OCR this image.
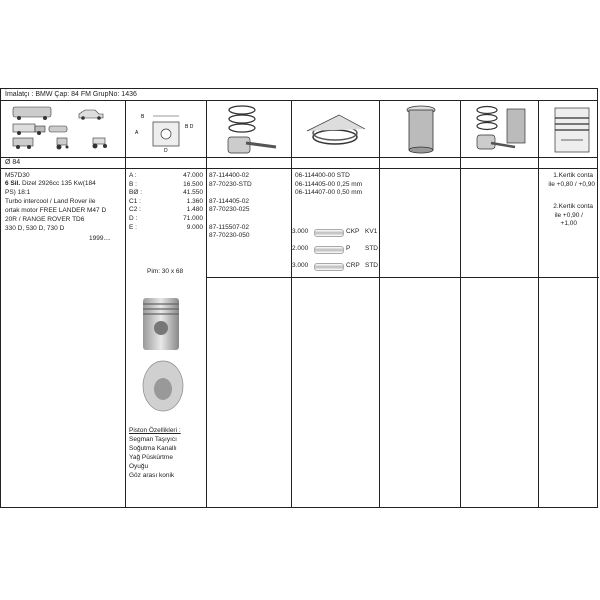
İmalatçı : BMW Çap: 84 FM GrupNo: 1436
B
B D
A
D
Ø 84
M57D30
6 Sil. Dizel 2926cc 135 Kw(184
PS) 18:1
Turbo intercool / Land Rover ile
ortak motor FREE LANDER M47 D
20R / RANGE ROVER TD6
330 D, 530 D, 730 D
1999....
A :	47.000
B :	16.500
BØ :	41.550
C1 :	1.360
C2 :	1.480
D :	71.000
E :	9.000
Pim: 30 x 68
Piston Özellikleri :
Segman Taşıyıcı
Soğutma Kanallı
Yağ Püskürtme
Oyuğu
Göz arası konik
87-114400-02
87-70230-STD
87-114405-02
87-70230-025
87-115507-02
87-70230-050
06-114400-00 STD
06-114405-00 0,25 mm
06-114407-00 0,50 mm
3.000	CKP KV1
2.000	P STD
3.000	CRP STD
1.Kertik conta
ile +0,80 / +0,90
2.Kertik conta
ile +0,90 /
+1,00
